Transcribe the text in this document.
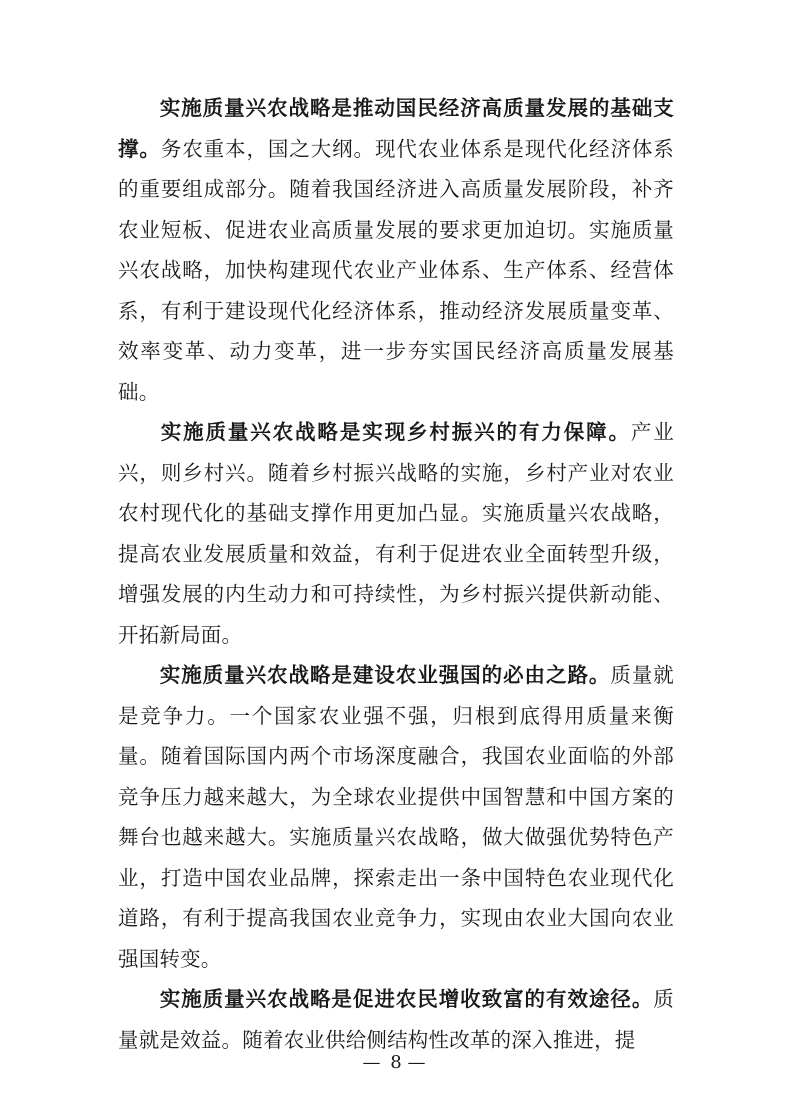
实施质量兴农战略是推动国民经济高质量发展的基础支撑。务农重本，国之大纲。现代农业体系是现代化经济体系的重要组成部分。随着我国经济进入高质量发展阶段，补齐农业短板、促进农业高质量发展的要求更加迫切。实施质量兴农战略，加快构建现代农业产业体系、生产体系、经营体系，有利于建设现代化经济体系，推动经济发展质量变革、效率变革、动力变革，进一步夯实国民经济高质量发展基础。

实施质量兴农战略是实现乡村振兴的有力保障。产业兴，则乡村兴。随着乡村振兴战略的实施，乡村产业对农业农村现代化的基础支撑作用更加凸显。实施质量兴农战略，提高农业发展质量和效益，有利于促进农业全面转型升级，增强发展的内生动力和可持续性，为乡村振兴提供新动能、开拓新局面。

实施质量兴农战略是建设农业强国的必由之路。质量就是竞争力。一个国家农业强不强，归根到底得用质量来衡量。随着国际国内两个市场深度融合，我国农业面临的外部竞争压力越来越大，为全球农业提供中国智慧和中国方案的舞台也越来越大。实施质量兴农战略，做大做强优势特色产业，打造中国农业品牌，探索走出一条中国特色农业现代化道路，有利于提高我国农业竞争力，实现由农业大国向农业强国转变。

实施质量兴农战略是促进农民增收致富的有效途径。质量就是效益。随着农业供给侧结构性改革的深入推进，提

— 8 —
